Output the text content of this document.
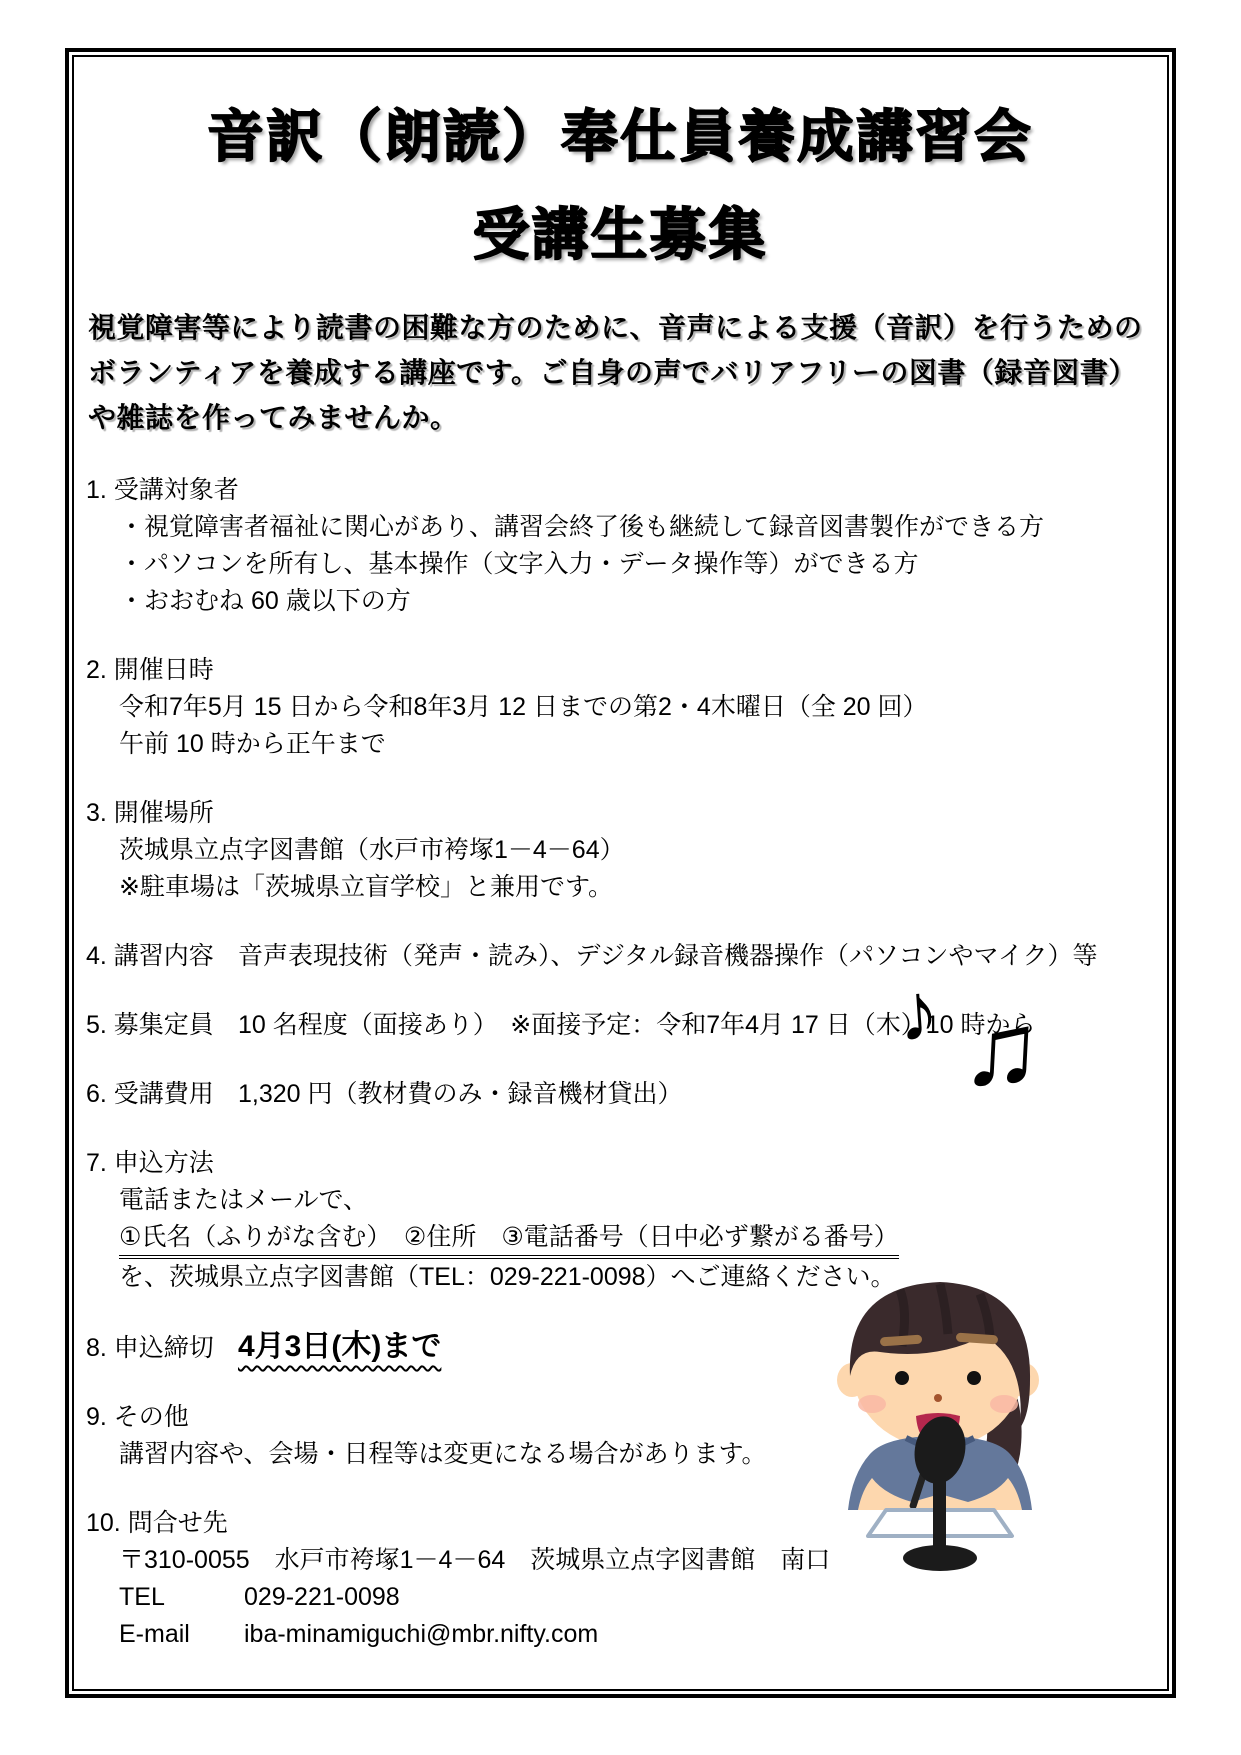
音訳（朗読）奉仕員養成講習会
受講生募集
視覚障害等により読書の困難な方のために、音声による支援（音訳）を行うためのボランティアを養成する講座です。ご自身の声でバリアフリーの図書（録音図書）や雑誌を作ってみませんか。
1. 受講対象者
・視覚障害者福祉に関心があり、講習会終了後も継続して録音図書製作ができる方
・パソコンを所有し、基本操作（文字入力・データ操作等）ができる方
・おおむね 60 歳以下の方
2. 開催日時
令和7年5月 15 日から令和8年3月 12 日までの第2・4木曜日（全 20 回）
午前 10 時から正午まで
3. 開催場所
茨城県立点字図書館（水戸市袴塚1－4－64）
※駐車場は「茨城県立盲学校」と兼用です。
4. 講習内容 音声表現技術（発声・読み）、デジタル録音機器操作（パソコンやマイク）等
5. 募集定員 10 名程度（面接あり）　※面接予定：令和7年4月 17 日（木）10 時から
6. 受講費用 1,320 円（教材費のみ・録音機材貸出）
7. 申込方法
電話またはメールで、
①氏名（ふりがな含む）　②住所　③電話番号（日中必ず繋がる番号）
を、茨城県立点字図書館（TEL：029-221-0098）へご連絡ください。
8. 申込締切 4月3日(木)まで
9. その他
講習内容や、会場・日程等は変更になる場合があります。
10. 問合せ先
〒310-0055　水戸市袴塚1－4－64　茨城県立点字図書館　南口
TEL	029-221-0098
E-mail	iba-minamiguchi@mbr.nifty.com
♪ ♫
